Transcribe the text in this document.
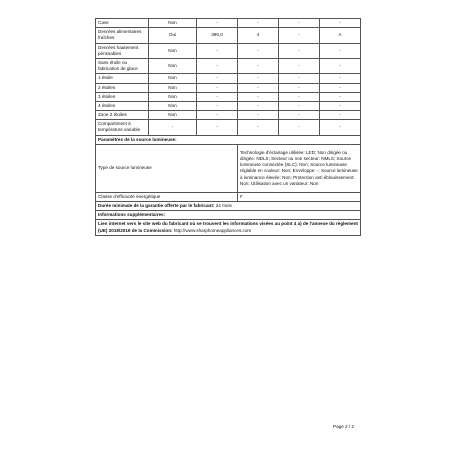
Cave	Non	-	-	-	-
Denrées alimentaires fraîches	Oui	396,0	4	-	A
Denrées hautement périssables	Non	-	-	-	-
Sans étoile ou fabrication de glace	Non	-	-	-	-
1 étoile	Non	-	-	-	-
2 étoiles	Non	-	-	-	-
3 étoiles	Non	-	-	-	-
4 étoiles	Non	-	-	-	-
Zone 2 étoiles	Non	-	-	-	-
Compartiment à température variable	-	-	-	-	-
Paramètres de la source lumineuse:					
Type de source lumineuse			Technologie d'éclairage utilisée: LED; Non dirigée ou dirigée: NDLS; Secteur ou non secteur: NMLS; Source lumineuse connectée (SLC): Non; Source lumineuse réglable en couleur: Non; Enveloppe: -; Source lumineuse à luminance élevée: Non; Protection anti éblouissement: Non; Utilisation avec un variateur: Non		
Classe d'efficacité énergétique			F		
Durée minimale de la garantie offerte par le fabricant: 24 mois					
Informations supplémentaires:					
Lien internet vers le site web du fabricant où se trouvent les informations visées au point 4 a) de l'annexe du règlement (UE) 2019/2019 de la Commission: http://www.sharphomeappliances.com					
Page 2 / 2
